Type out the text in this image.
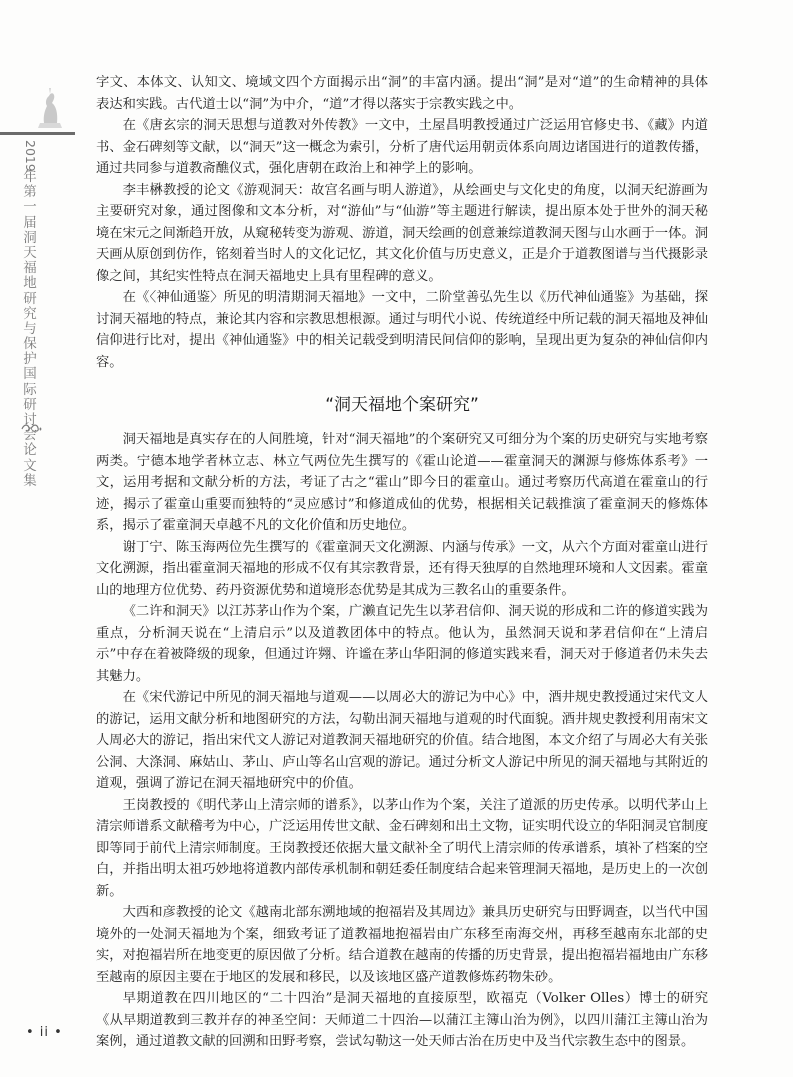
2019
年
第
一
届
洞
天
福
地
研
究
与
保
护
国
际
研
讨
会
论
文
集
• ii •

字文、本体文、认知文、境域文四个方面揭示出“洞”的丰富内涵。提出“洞”是对“道”的生命精神的具体表达和实践。古代道士以“洞”为中介，“道”才得以落实于宗教实践之中。

在《唐玄宗的洞天思想与道教对外传教》一文中，土屋昌明教授通过广泛运用官修史书、《藏》内道书、金石碑刻等文献，以“洞天”这一概念为索引，分析了唐代运用朝贡体系向周边诸国进行的道教传播，通过共同参与道教斋醮仪式，强化唐朝在政治上和神学上的影响。

李丰楙教授的论文《游观洞天：故宫名画与明人游道》，从绘画史与文化史的角度，以洞天纪游画为主要研究对象，通过图像和文本分析，对“游仙”与“仙游”等主题进行解读，提出原本处于世外的洞天秘境在宋元之间渐趋开放，从窥秘转变为游观、游道，洞天绘画的创意兼综道教洞天图与山水画于一体。洞天画从原创到仿作，铭刻着当时人的文化记忆，其文化价值与历史意义，正是介于道教图谱与当代摄影录像之间，其纪实性特点在洞天福地史上具有里程碑的意义。

在《〈神仙通鉴〉所见的明清期洞天福地》一文中，二阶堂善弘先生以《历代神仙通鉴》为基础，探讨洞天福地的特点，兼论其内容和宗教思想根源。通过与明代小说、传统道经中所记载的洞天福地及神仙信仰进行比对，提出《神仙通鉴》中的相关记载受到明清民间信仰的影响，呈现出更为复杂的神仙信仰内容。

“洞天福地个案研究”

洞天福地是真实存在的人间胜境，针对“洞天福地”的个案研究又可细分为个案的历史研究与实地考察两类。宁德本地学者林立志、林立气两位先生撰写的《霍山论道——霍童洞天的渊源与修炼体系考》一文，运用考据和文献分析的方法，考证了古之“霍山”即今日的霍童山。通过考察历代高道在霍童山的行迹，揭示了霍童山重要而独特的“灵应感讨”和修道成仙的优势，根据相关记载推演了霍童洞天的修炼体系，揭示了霍童洞天卓越不凡的文化价值和历史地位。

谢丁宁、陈玉海两位先生撰写的《霍童洞天文化溯源、内涵与传承》一文，从六个方面对霍童山进行文化溯源，指出霍童洞天福地的形成不仅有其宗教背景，还有得天独厚的自然地理环境和人文因素。霍童山的地理方位优势、药丹资源优势和道境形态优势是其成为三教名山的重要条件。

《二许和洞天》以江苏茅山作为个案，广濑直记先生以茅君信仰、洞天说的形成和二许的修道实践为重点，分析洞天说在“上清启示”以及道教团体中的特点。他认为，虽然洞天说和茅君信仰在“上清启示”中存在着被降级的现象，但通过许翙、许谧在茅山华阳洞的修道实践来看，洞天对于修道者仍未失去其魅力。

在《宋代游记中所见的洞天福地与道观——以周必大的游记为中心》中，酒井规史教授通过宋代文人的游记，运用文献分析和地图研究的方法，勾勒出洞天福地与道观的时代面貌。酒井规史教授利用南宋文人周必大的游记，指出宋代文人游记对道教洞天福地研究的价值。结合地图，本文介绍了与周必大有关张公洞、大涤洞、麻姑山、茅山、庐山等名山宫观的游记。通过分析文人游记中所见的洞天福地与其附近的道观，强调了游记在洞天福地研究中的价值。

王岗教授的《明代茅山上清宗师的谱系》，以茅山作为个案，关注了道派的历史传承。以明代茅山上清宗师谱系文献稽考为中心，广泛运用传世文献、金石碑刻和出土文物，证实明代设立的华阳洞灵官制度即等同于前代上清宗师制度。王岗教授还依据大量文献补全了明代上清宗师的传承谱系，填补了档案的空白，并指出明太祖巧妙地将道教内部传承机制和朝廷委任制度结合起来管理洞天福地，是历史上的一次创新。

大西和彦教授的论文《越南北部东溯地域的抱福岩及其周边》兼具历史研究与田野调查，以当代中国境外的一处洞天福地为个案，细致考证了道教福地抱福岩由广东移至南海交州，再移至越南东北部的史实，对抱福岩所在地变更的原因做了分析。结合道教在越南的传播的历史背景，提出抱福岩福地由广东移至越南的原因主要在于地区的发展和移民，以及该地区盛产道教修炼药物朱砂。

早期道教在四川地区的“二十四治”是洞天福地的直接原型，欧福克（Volker Olles）博士的研究《从早期道教到三教并存的神圣空间：天师道二十四治—以蒲江主簿山治为例》，以四川蒲江主簿山治为案例，通过道教文献的回溯和田野考察，尝试勾勒这一处天师古治在历史中及当代宗教生态中的图景。
